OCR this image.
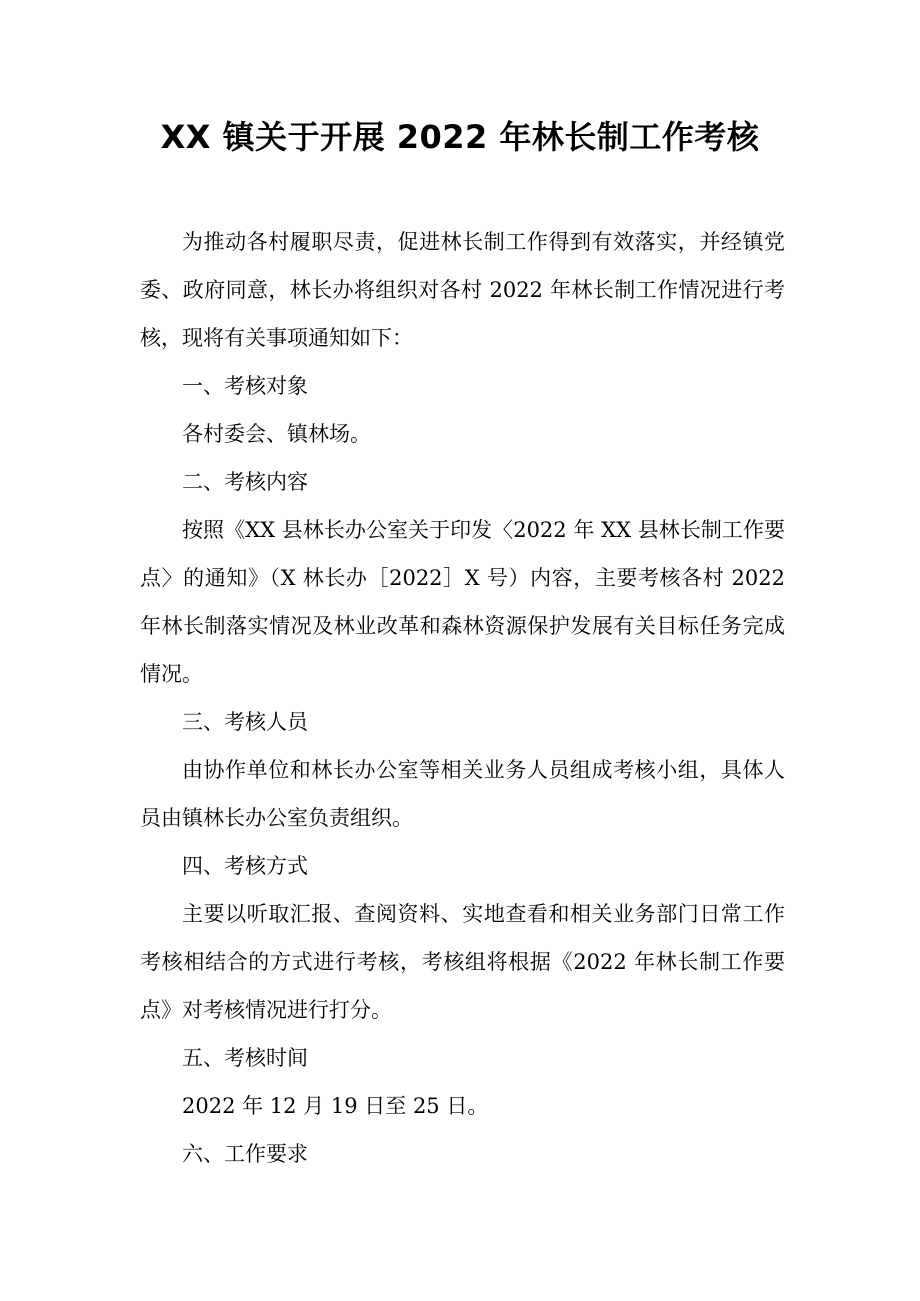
XX 镇关于开展 2022 年林长制工作考核

为推动各村履职尽责，促进林长制工作得到有效落实，并经镇党委、政府同意，林长办将组织对各村 2022 年林长制工作情况进行考核，现将有关事项通知如下：

一、考核对象

各村委会、镇林场。

二、考核内容

按照《XX 县林长办公室关于印发〈2022 年 XX 县林长制工作要点〉的通知》（X 林长办［2022］X 号）内容，主要考核各村 2022 年林长制落实情况及林业改革和森林资源保护发展有关目标任务完成情况。

三、考核人员

由协作单位和林长办公室等相关业务人员组成考核小组，具体人员由镇林长办公室负责组织。

四、考核方式

主要以听取汇报、查阅资料、实地查看和相关业务部门日常工作考核相结合的方式进行考核，考核组将根据《2022 年林长制工作要点》对考核情况进行打分。

五、考核时间

2022 年 12 月 19 日至 25 日。

六、工作要求
